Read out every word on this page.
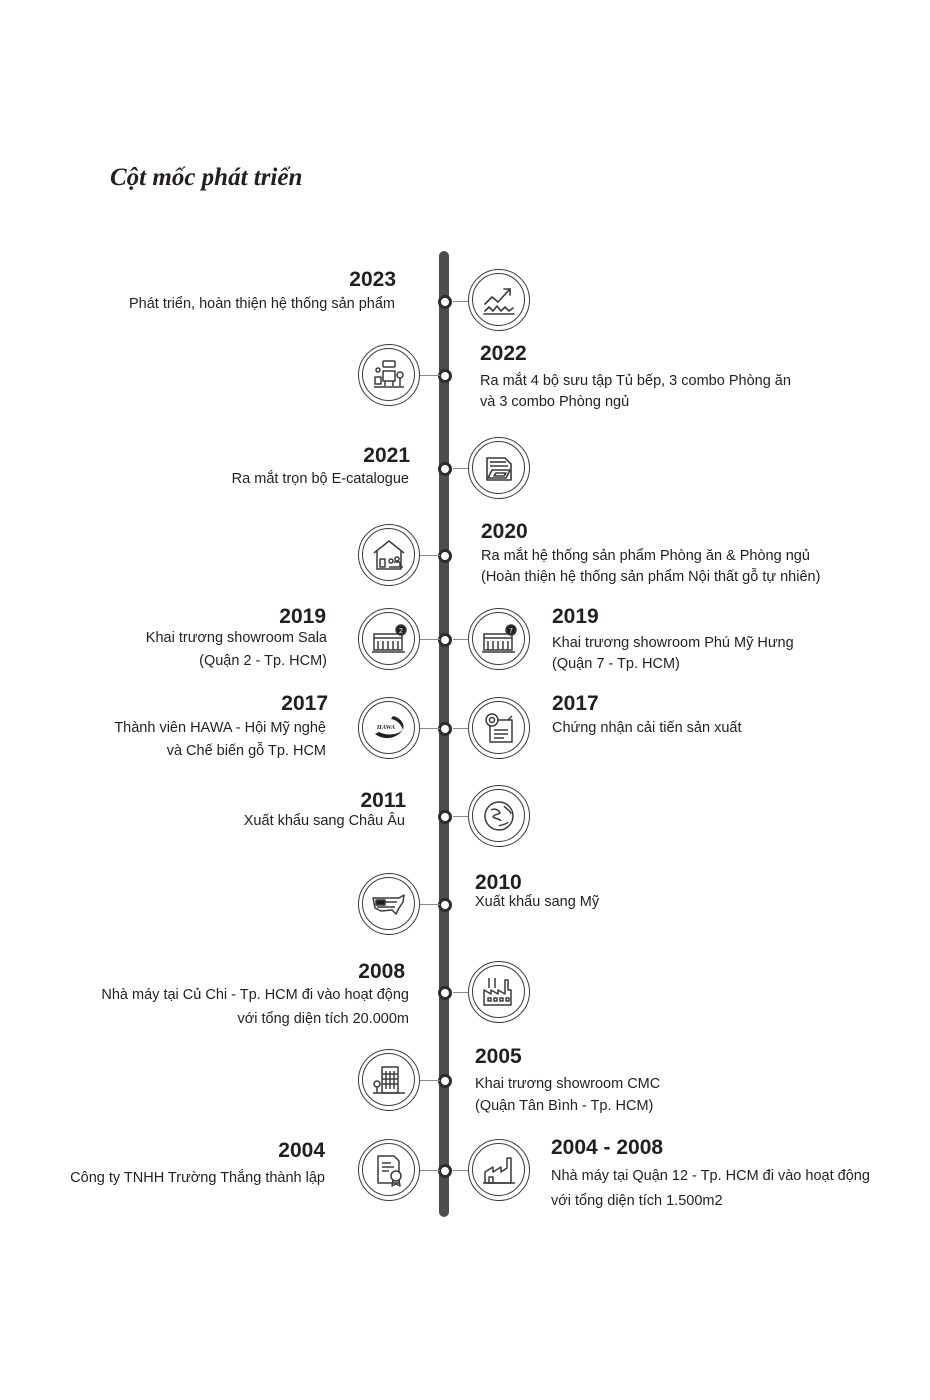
Cột mốc phát triển
2023
Phát triển, hoàn thiện hệ thống sản phẩm
2022
Ra mắt 4 bộ sưu tập Tủ bếp, 3 combo Phòng ăn
và 3 combo Phòng ngủ
2021
Ra mắt trọn bộ E-catalogue
2020
Ra mắt hệ thống sản phẩm Phòng ăn & Phòng ngủ
(Hoàn thiện hệ thống sản phẩm Nội thất gỗ tự nhiên)
2	7
2019
Khai trương showroom Sala
(Quận 2 - Tp. HCM)
2019
Khai trương showroom Phú Mỹ Hưng
(Quận 7 - Tp. HCM)
HAWA
2017
Thành viên HAWA - Hội Mỹ nghệ
và Chế biến gỗ Tp. HCM
2017
Chứng nhận cải tiến sản xuất
2011
Xuất khẩu sang Châu Âu
2010
Xuất khẩu sang Mỹ
2008
Nhà máy tại Củ Chi - Tp. HCM đi vào hoạt động
với tổng diện tích 20.000m
2005
Khai trương showroom CMC
(Quận Tân Bình - Tp. HCM)
2004
Công ty TNHH Trường Thắng thành lập
2004 - 2008
Nhà máy tại Quận 12 - Tp. HCM đi vào hoạt động
với tổng diện tích 1.500m2
